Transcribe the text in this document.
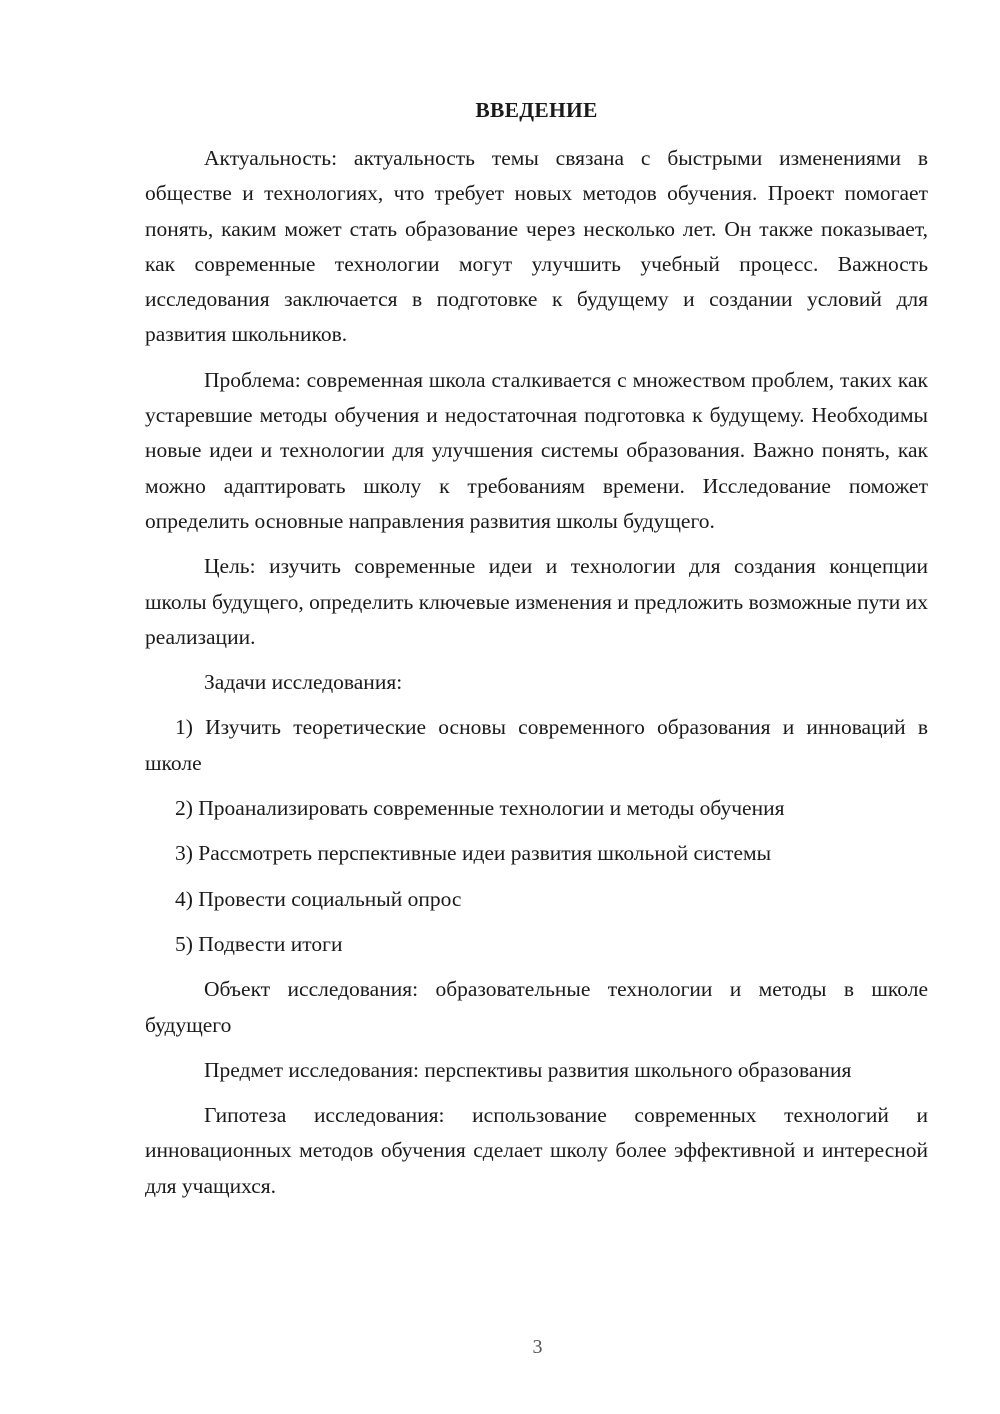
ВВЕДЕНИЕ

Актуальность: актуальность темы связана с быстрыми изменениями в обществе и технологиях, что требует новых методов обучения. Проект помогает понять, каким может стать образование через несколько лет. Он также показывает, как современные технологии могут улучшить учебный процесс. Важность исследования заключается в подготовке к будущему и создании условий для развития школьников.

Проблема: современная школа сталкивается с множеством проблем, таких как устаревшие методы обучения и недостаточная подготовка к будущему. Необходимы новые идеи и технологии для улучшения системы образования. Важно понять, как можно адаптировать школу к требованиям времени. Исследование поможет определить основные направления развития школы будущего.

Цель: изучить современные идеи и технологии для создания концепции школы будущего, определить ключевые изменения и предложить возможные пути их реализации.

Задачи исследования:

1) Изучить теоретические основы современного образования и инноваций в школе

2) Проанализировать современные технологии и методы обучения

3) Рассмотреть перспективные идеи развития школьной системы

4) Провести социальный опрос

5) Подвести итоги

Объект исследования: образовательные технологии и методы в школе будущего

Предмет исследования: перспективы развития школьного образования

Гипотеза исследования: использование современных технологий и инновационных методов обучения сделает школу более эффективной и интересной для учащихся.

3
